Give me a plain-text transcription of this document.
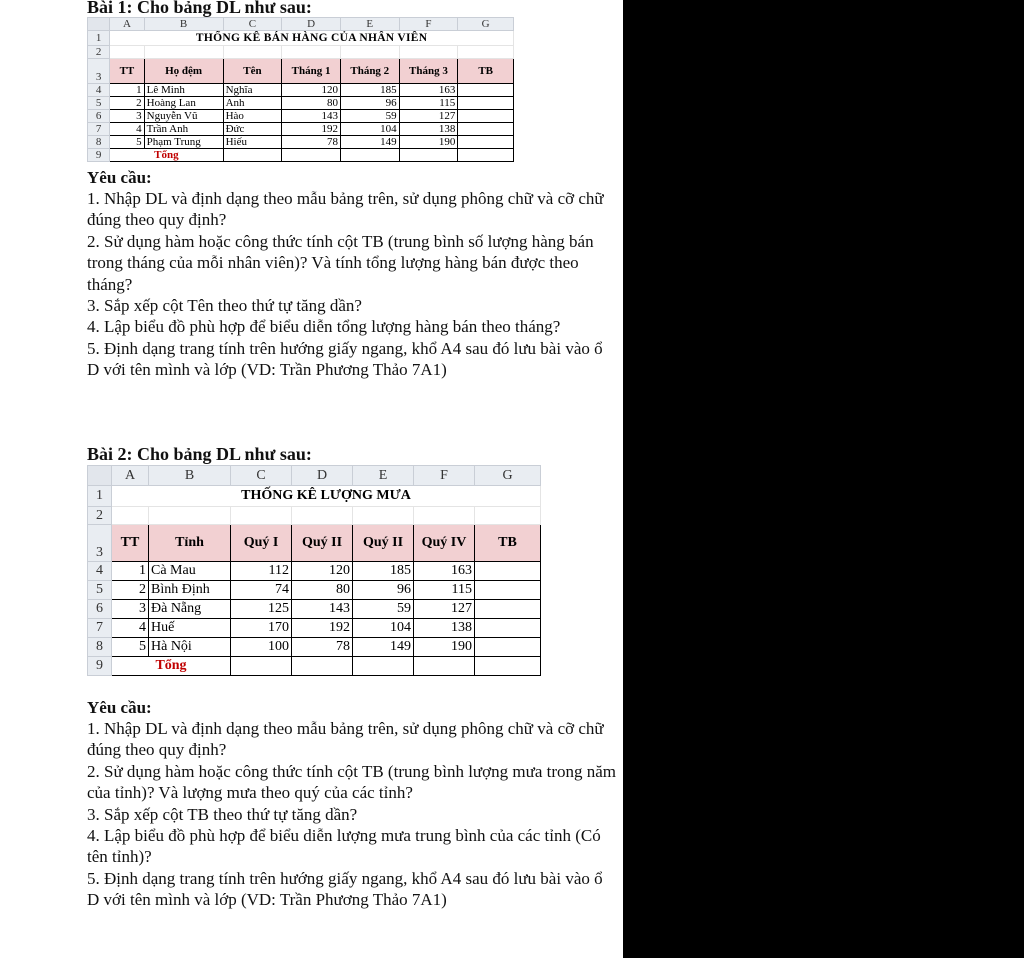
Bài 1: Cho bảng DL như sau:
	A	B	C	D	E	F	G
1	THỐNG KÊ BÁN HÀNG CỦA NHÂN VIÊN						
2							
3	TT	Họ đệm	Tên	Tháng 1	Tháng 2	Tháng 3	TB
4	1	Lê Minh	Nghĩa	120	185	163	
5	2	Hoàng Lan	Anh	80	96	115	
6	3	Nguyễn Vũ	Hào	143	59	127	
7	4	Trần Anh	Đức	192	104	138	
8	5	Phạm Trung	Hiếu	78	149	190	
9	Tổng						
Yêu cầu:

1. Nhập DL và định dạng theo mẫu bảng trên, sử dụng phông chữ và cỡ chữ đúng theo quy định?

2. Sử dụng hàm hoặc công thức tính cột TB (trung bình số lượng hàng bán trong tháng của mỗi nhân viên)? Và tính tổng lượng hàng bán được theo tháng?

3. Sắp xếp cột Tên theo thứ tự tăng dần?

4. Lập biểu đồ phù hợp để biểu diễn tổng lượng hàng bán theo tháng?

5. Định dạng trang tính trên hướng giấy ngang, khổ A4 sau đó lưu bài vào ổ D với tên mình và lớp (VD: Trần Phương Thảo 7A1)

Bài 2: Cho bảng DL như sau:
	A	B	C	D	E	F	G
1	THỐNG KÊ LƯỢNG MƯA						
2							
3	TT	Tỉnh	Quý I	Quý II	Quý II	Quý IV	TB
4	1	Cà Mau	112	120	185	163	
5	2	Bình Định	74	80	96	115	
6	3	Đà Nẵng	125	143	59	127	
7	4	Huế	170	192	104	138	
8	5	Hà Nội	100	78	149	190	
9	Tổng						
Yêu cầu:

1. Nhập DL và định dạng theo mẫu bảng trên, sử dụng phông chữ và cỡ chữ đúng theo quy định?

2. Sử dụng hàm hoặc công thức tính cột TB (trung bình lượng mưa trong năm của tỉnh)? Và lượng mưa theo quý của các tỉnh?

3. Sắp xếp cột TB theo thứ tự tăng dần?

4. Lập biểu đồ phù hợp để biểu diễn lượng mưa trung bình của các tỉnh (Có tên tỉnh)?

5. Định dạng trang tính trên hướng giấy ngang, khổ A4 sau đó lưu bài vào ổ D với tên mình và lớp (VD: Trần Phương Thảo 7A1)
